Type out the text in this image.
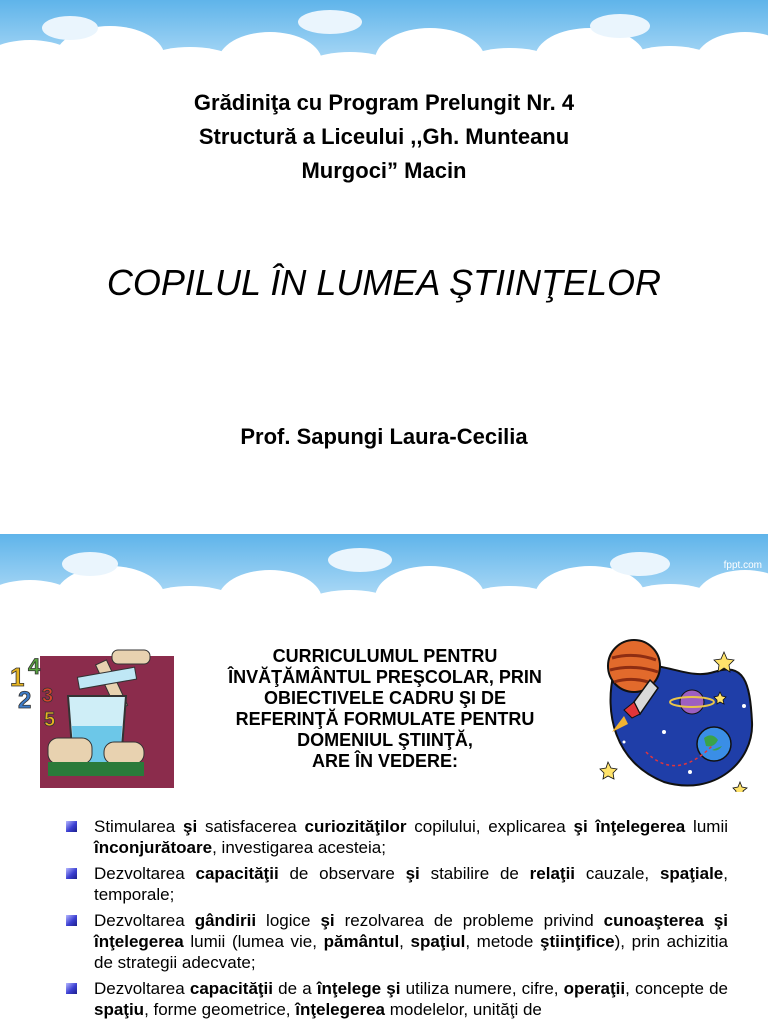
Grădiniţa cu Program Prelungit Nr. 4
Structură a Liceului ,,Gh. Munteanu
Murgoci” Macin
COPILUL ÎN LUMEA ŞTIINŢELOR
Prof. Sapungi Laura-Cecilia
fppt.com
1 4
2 3
5
CURRICULUMUL PENTRU
ÎNVĂŢĂMÂNTUL PREŞCOLAR, PRIN
OBIECTIVELE CADRU ŞI DE
REFERINŢĂ FORMULATE PENTRU
DOMENIUL ŞTIINŢĂ,
ARE ÎN VEDERE:
Stimularea şi satisfacerea curiozităţilor copilului, explicarea şi înţelegerea lumii înconjurătoare, investigarea acesteia;
Dezvoltarea capacităţii de observare şi stabilire de relaţii cauzale, spaţiale, temporale;
Dezvoltarea gândirii logice şi rezolvarea de probleme privind cunoaşterea şi înţelegerea lumii (lumea vie, pământul, spaţiul, metode ştiinţifice), prin achizitia de strategii adecvate;
Dezvoltarea capacităţii de a înţelege şi utiliza numere, cifre, operaţii, concepte de spaţiu, forme geometrice, înţelegerea modelelor, unităţi de
